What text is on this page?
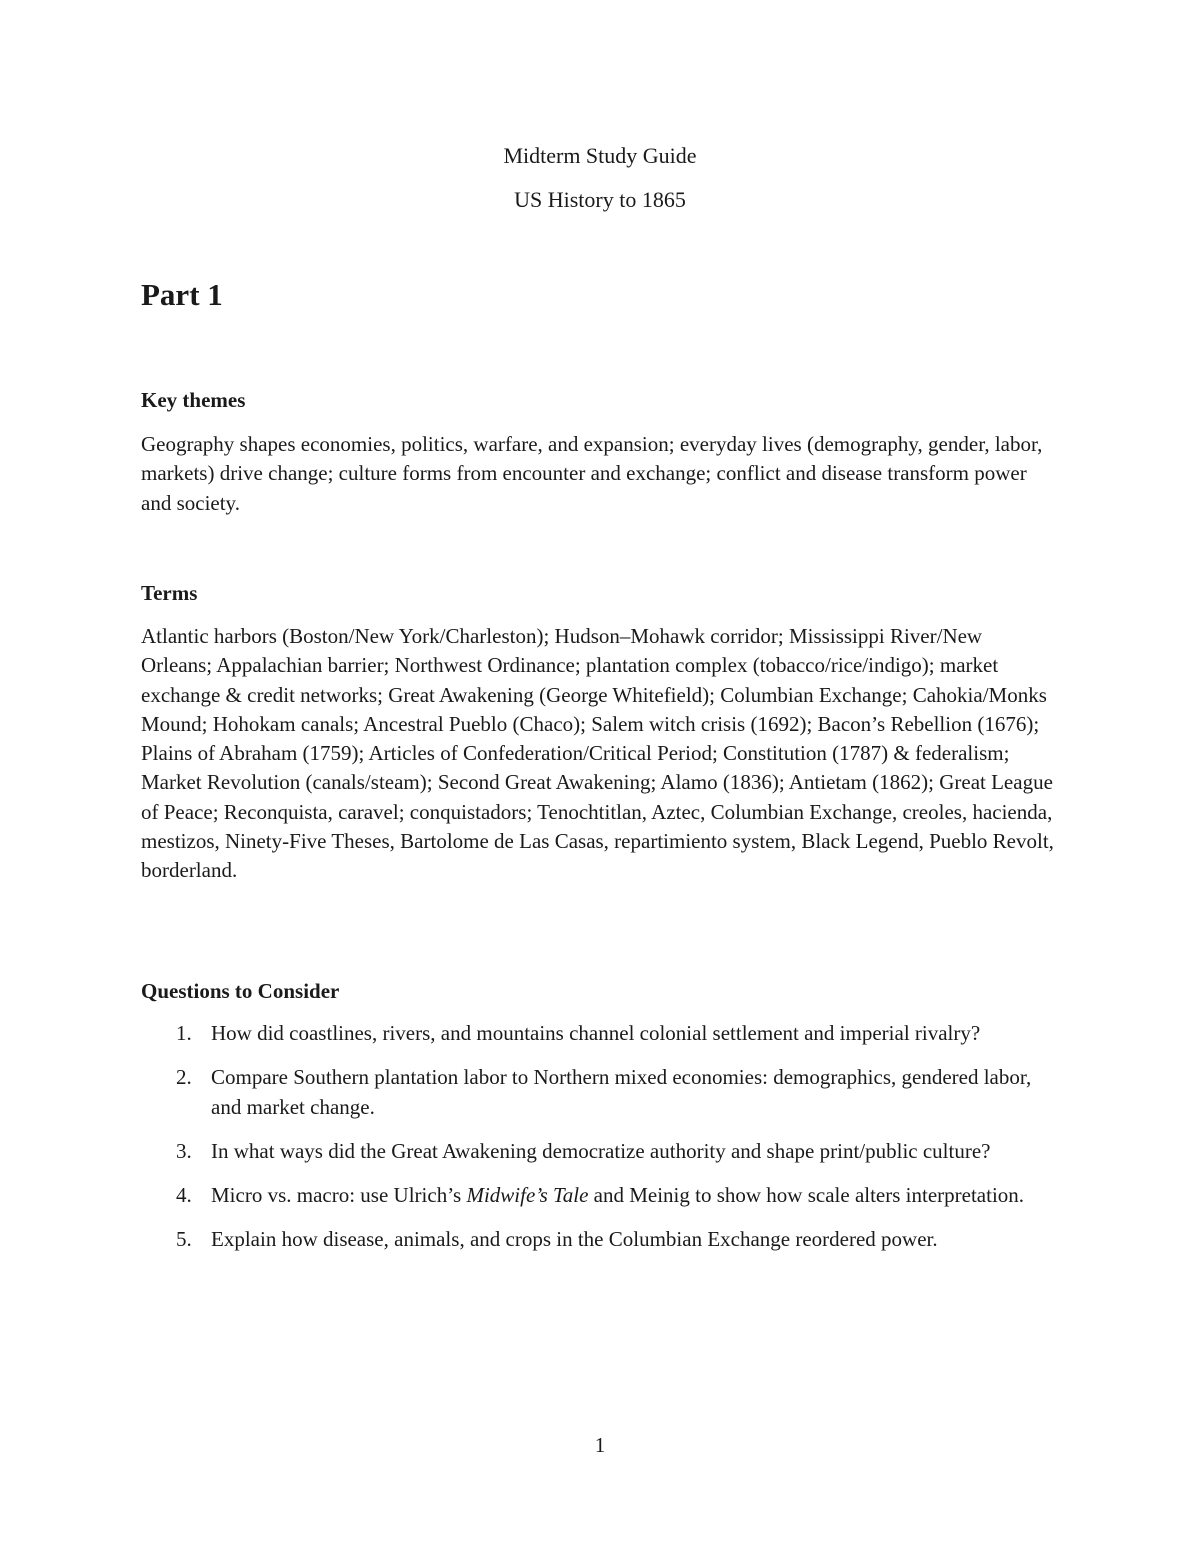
Midterm Study Guide
US History to 1865
Part 1
Key themes
Geography shapes economies, politics, warfare, and expansion; everyday lives (demography, gender, labor, markets) drive change; culture forms from encounter and exchange; conflict and disease transform power and society.
Terms
Atlantic harbors (Boston/New York/Charleston); Hudson–Mohawk corridor; Mississippi River/New Orleans; Appalachian barrier; Northwest Ordinance; plantation complex (tobacco/rice/indigo); market exchange & credit networks; Great Awakening (George Whitefield); Columbian Exchange; Cahokia/Monks Mound; Hohokam canals; Ancestral Pueblo (Chaco); Salem witch crisis (1692); Bacon’s Rebellion (1676); Plains of Abraham (1759); Articles of Confederation/Critical Period; Constitution (1787) & federalism; Market Revolution (canals/steam); Second Great Awakening; Alamo (1836); Antietam (1862); Great League of Peace; Reconquista, caravel; conquistadors; Tenochtitlan, Aztec, Columbian Exchange, creoles, hacienda, mestizos, Ninety-Five Theses, Bartolome de Las Casas, repartimiento system, Black Legend, Pueblo Revolt, borderland.
Questions to Consider
1. How did coastlines, rivers, and mountains channel colonial settlement and imperial rivalry?
2. Compare Southern plantation labor to Northern mixed economies: demographics, gendered labor, and market change.
3. In what ways did the Great Awakening democratize authority and shape print/public culture?
4. Micro vs. macro: use Ulrich’s Midwife’s Tale and Meinig to show how scale alters interpretation.
5. Explain how disease, animals, and crops in the Columbian Exchange reordered power.
1
